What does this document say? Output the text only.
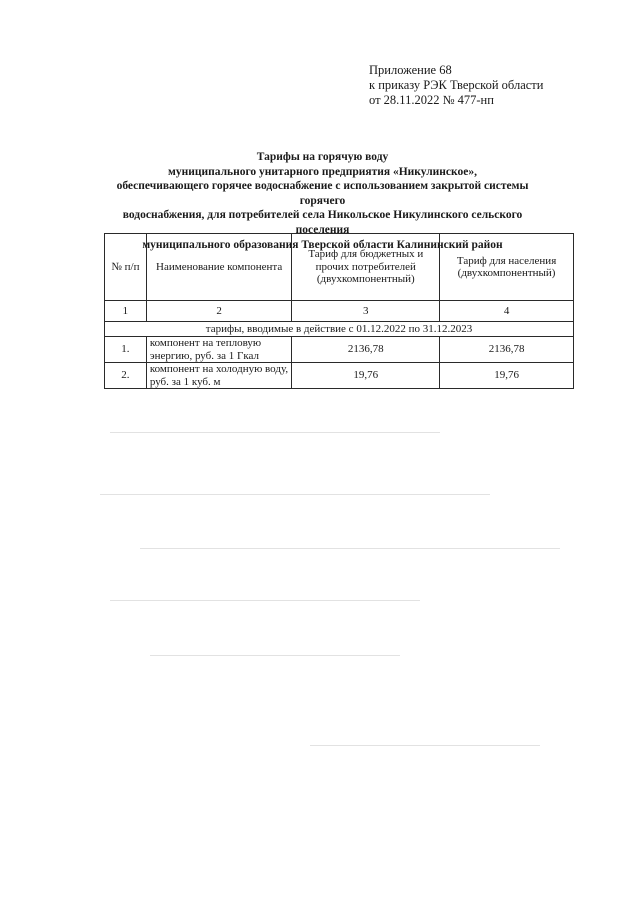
Приложение 68
к приказу РЭК Тверской области
от 28.11.2022 № 477-нп
Тарифы на горячую воду
муниципального унитарного предприятия «Никулинское»,
обеспечивающего горячее водоснабжение с использованием закрытой системы горячего
водоснабжения, для потребителей села Никольское Никулинского сельского поселения
муниципального образования Тверской области Калининский район
№ п/п	Наименование компонента	Тариф для бюджетных и прочих потребителей (двухкомпонентный)	Тариф для населения (двухкомпонентный)
1	2	3	4
тарифы, вводимые в действие с 01.12.2022 по 31.12.2023			
1.	компонент на тепловую энергию, руб. за 1 Гкал	2136,78	2136,78
2.	компонент на холодную воду, руб. за 1 куб. м	19,76	19,76
